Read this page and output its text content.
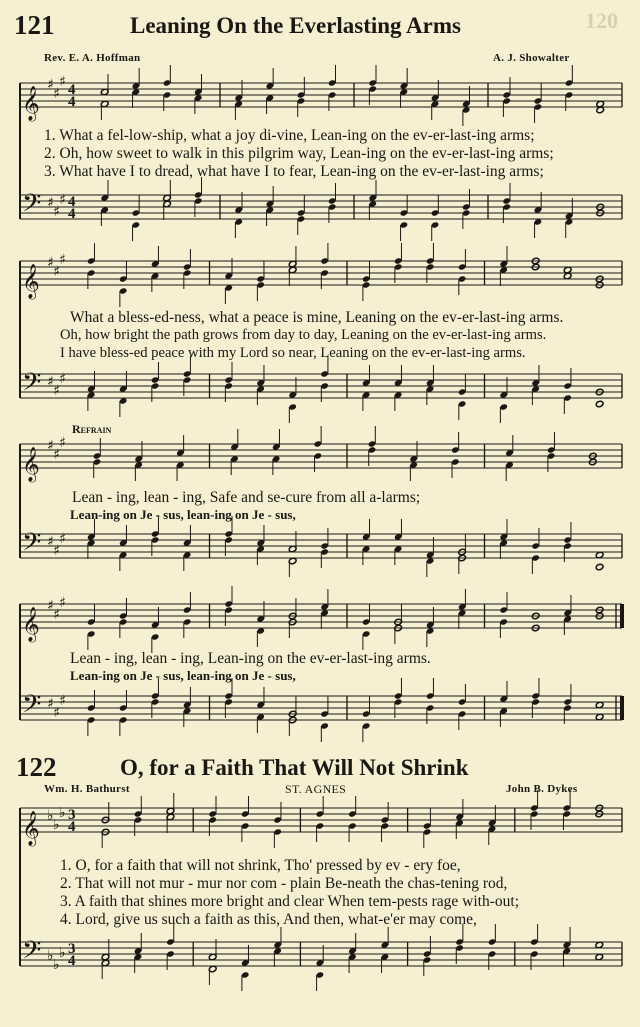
120
121	Leaning On the Everlasting Arms
Rev. E. A. Hoffman	A. J. Showalter
𝄞
♯
♯
♯ 4
4
1. What a fel-low-ship, what a joy di-vine, Lean-ing on the ev-er-last-ing arms;
2. Oh, how sweet to walk in this pilgrim way, Lean-ing on the ev-er-last-ing arms;
3. What have I to dread, what have I to fear, Lean-ing on the ev-er-last-ing arms;
𝄢 ♯
♯
♯ 4
4
𝄞
♯
♯
♯
What a bless-ed-ness, what a peace is mine, Leaning on the ev-er-last-ing arms.
Oh, how bright the path grows from day to day, Leaning on the ev-er-last-ing arms.
I have bless-ed peace with my Lord so near, Leaning on the ev-er-last-ing arms.
𝄢 ♯
♯
♯
Refrain
𝄞
♯
♯
♯
Lean - ing, lean - ing, Safe and se-cure from all a-larms;
Lean-ing on Je - sus, lean-ing on Je - sus,
𝄢 ♯
♯
♯
𝄞
♯
♯
♯
Lean - ing, lean - ing, Lean-ing on the ev-er-last-ing arms.
Lean-ing on Je - sus, lean-ing on Je - sus,
𝄢 ♯
♯
♯
122	O, for a Faith That Will Not Shrink
Wm. H. Bathurst	ST. AGNES	John B. Dykes
𝄞 ♭
♭
♭ 3
4
1. O, for a faith that will not shrink, Tho' pressed by ev - ery foe,
2. That will not mur - mur nor com - plain Be-neath the chas-tening rod,
3. A faith that shines more bright and clear When tem-pests rage with-out;
4. Lord, give us such a faith as this, And then, what-e'er may come,
𝄢 ♭
♭
♭ 3
4
